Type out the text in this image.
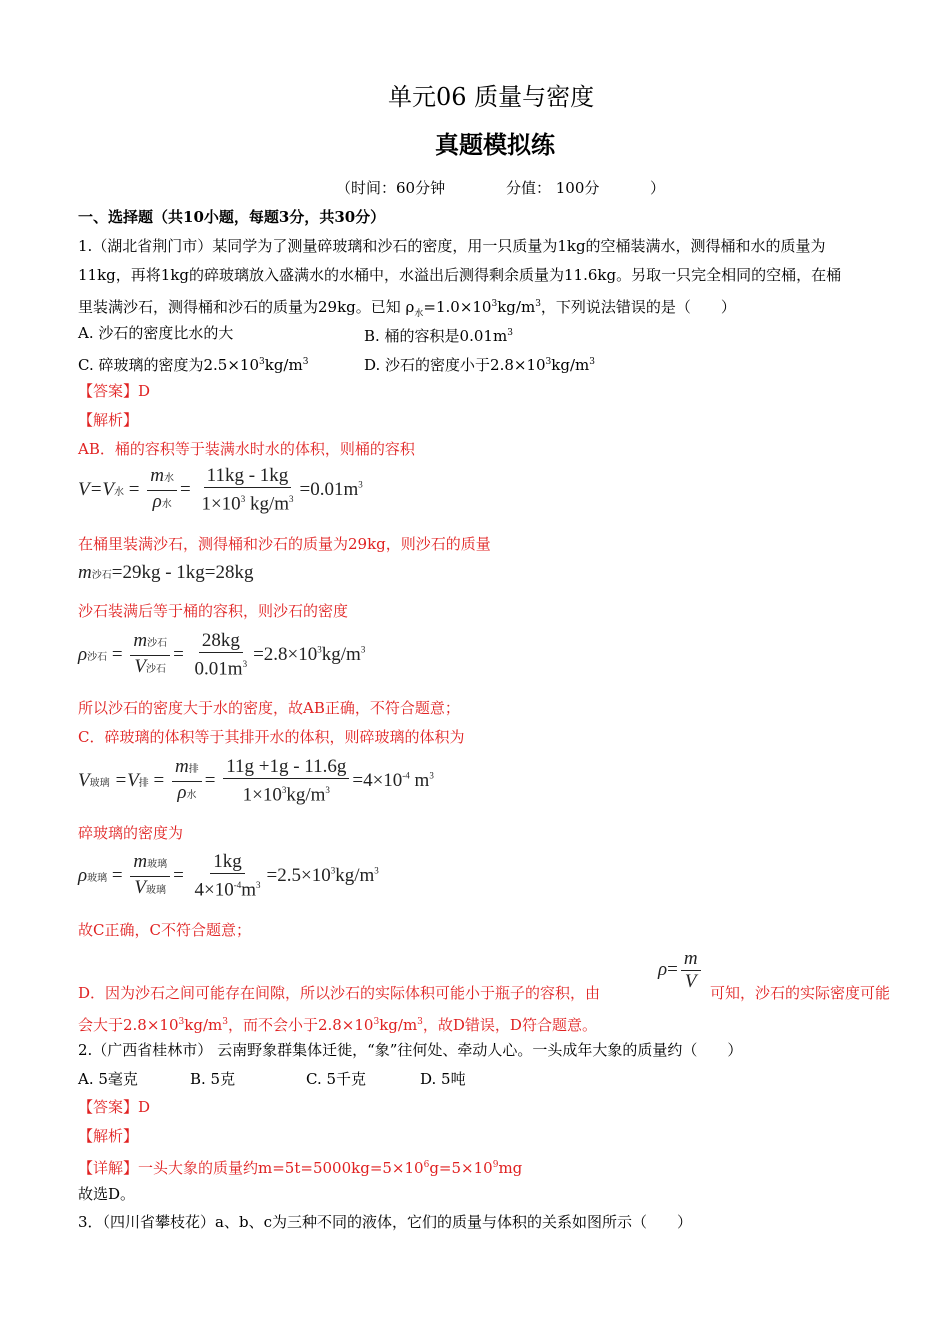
单元06 质量与密度
真题模拟练
（时间：60分钟	分值： 100分	）
一、选择题（共10小题，每题3分，共30分）
1.（湖北省荆门市）某同学为了测量碎玻璃和沙石的密度，用一只质量为1kg的空桶装满水，测得桶和水的质量为
11kg，再将1kg的碎玻璃放入盛满水的水桶中，水溢出后测得剩余质量为11.6kg。另取一只完全相同的空桶，在桶
里装满沙石，测得桶和沙石的质量为29kg。已知 $\rho_水=1.0\times 10^3kg/m^3$，下列说法错误的是（　　）
A. 沙石的密度比水的大	B. 桶的容积是$0.01m^3$
C. 碎玻璃的密度为$2.5\times 10^3kg/m^3$	D. 沙石的密度小于$2.8\times 10^3kg/m^3$
【答案】D
【解析】
AB．桶的容积等于装满水时水的体积，则桶的容积
V=V水 = $\frac{\text{m水}}{\text{ρ水}} = \frac{11kg - 1kg}{1\times 10^3 kg/m^3} =0.01m^3$
在桶里装满沙石，测得桶和沙石的质量为29kg，则沙石的质量
m沙石=29kg - 1kg=28kg
沙石装满后等于桶的容积，则沙石的密度
ρ沙石 = $\frac{\text{m沙石}}{\text{V沙石}} = \frac{28kg}{0.01m^3} =2.8\times 10^3kg/m^3$
所以沙石的密度大于水的密度，故AB正确，不符合题意；
C．碎玻璃的体积等于其排开水的体积，则碎玻璃的体积为
V玻璃 =V排 = $\frac{\text{m排}}{\text{ρ水}} = \frac{11g +1g - 11.6g}{1\times 10^3kg/m^3} =4\times 10^{-4}$ $m^3$
碎玻璃的密度为
ρ玻璃 = $\frac{\text{m玻璃}}{\text{V玻璃}} = \frac{1kg}{4\times 10^{-4}m^3} =2.5\times 10^3kg/m^3$
故C正确，C不符合题意；
$\rho= \frac{m}{V}$
D．因为沙石之间可能存在间隙，所以沙石的实际体积可能小于瓶子的容积，由	可知，沙石的实际密度可能
会大于$2.8\times 10^3kg/m^3$，而不会小于$2.8\times 10^3kg/m^3$，故D错误，D符合题意。
2.（广西省桂林市） 云南野象群集体迁徙，“象”往何处、牵动人心。一头成年大象的质量约（　　）
A. 5毫克	B. 5克	C. 5千克	D. 5吨
【答案】D
【解析】
【详解】一头大象的质量约$m=5t=5000kg=5\times 10^6g=5\times 10^9mg$
故选D。
3．（四川省攀枝花）a、b、c为三种不同的液体，它们的质量与体积的关系如图所示（　　）
